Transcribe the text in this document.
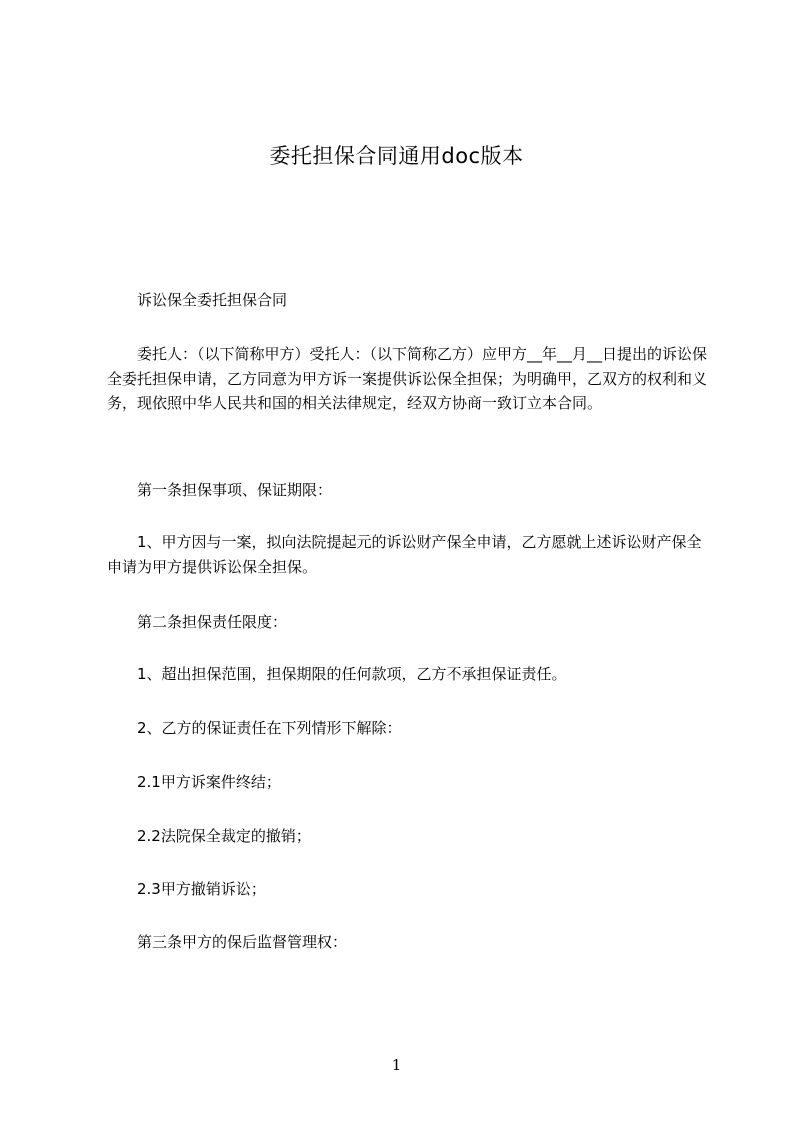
委托担保合同通用doc版本

诉讼保全委托担保合同

委托人：（以下简称甲方）受托人：（以下简称乙方）应甲方__年__月__日提出的诉讼保全委托担保申请，乙方同意为甲方诉一案提供诉讼保全担保；为明确甲，乙双方的权利和义务，现依照中华人民共和国的相关法律规定，经双方协商一致订立本合同。

第一条担保事项、保证期限：

1、甲方因与一案，拟向法院提起元的诉讼财产保全申请，乙方愿就上述诉讼财产保全申请为甲方提供诉讼保全担保。

第二条担保责任限度：

1、超出担保范围，担保期限的任何款项，乙方不承担保证责任。

2、乙方的保证责任在下列情形下解除：

2.1甲方诉案件终结；

2.2法院保全裁定的撤销；

2.3甲方撤销诉讼；

第三条甲方的保后监督管理权：

1
